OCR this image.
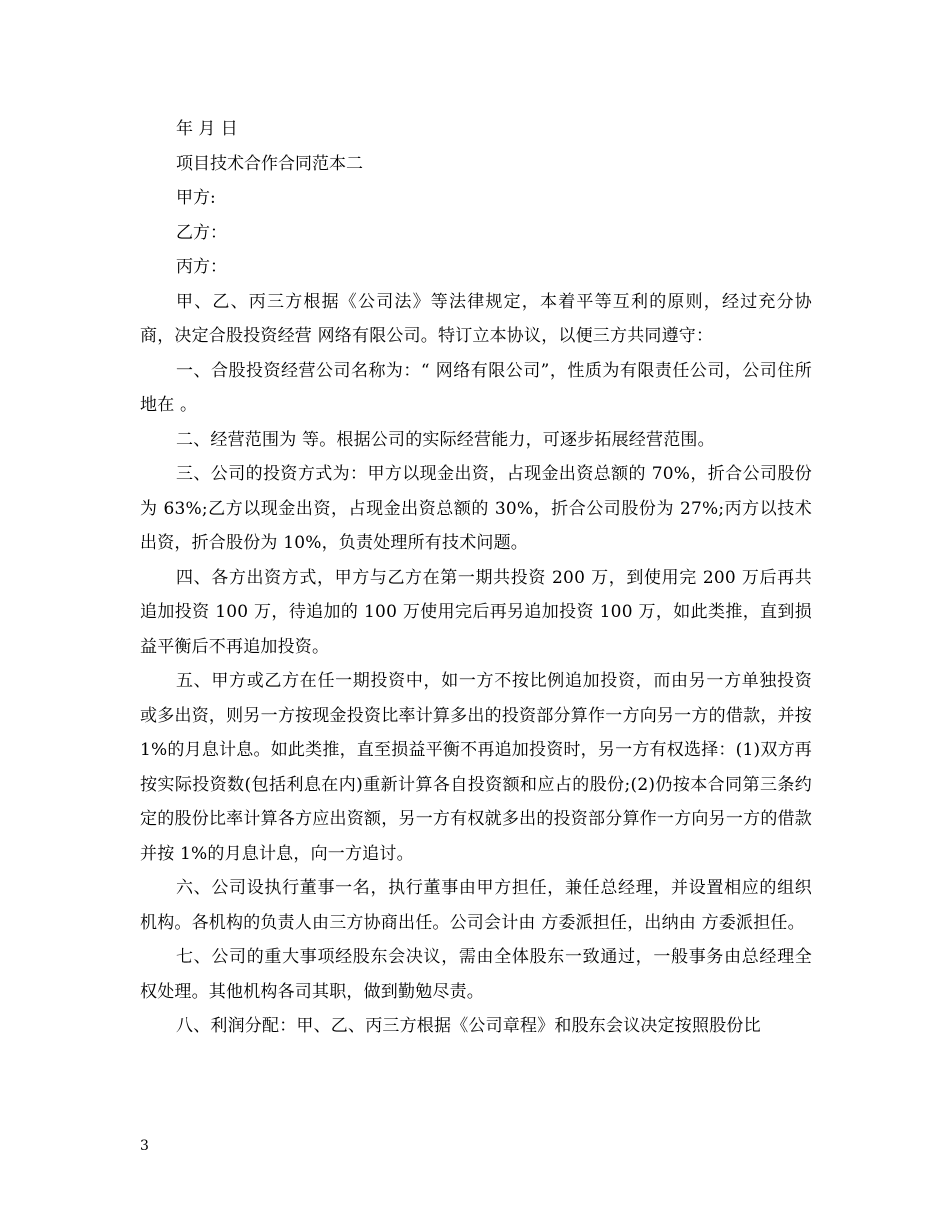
年 月 日

项目技术合作合同范本二

甲方:

乙方：

丙方：

甲、乙、丙三方根据《公司法》等法律规定，本着平等互利的原则，经过充分协商，决定合股投资经营 网络有限公司。特订立本协议，以便三方共同遵守：

一、合股投资经营公司名称为：“ 网络有限公司”，性质为有限责任公司，公司住所地在 。

二、经营范围为 等。根据公司的实际经营能力，可逐步拓展经营范围。

三、公司的投资方式为：甲方以现金出资，占现金出资总额的 70%，折合公司股份为 63%;乙方以现金出资，占现金出资总额的 30%，折合公司股份为 27%;丙方以技术出资，折合股份为 10%，负责处理所有技术问题。

四、各方出资方式，甲方与乙方在第一期共投资 200 万，到使用完 200 万后再共追加投资 100 万，待追加的 100 万使用完后再另追加投资 100 万，如此类推，直到损益平衡后不再追加投资。

五、甲方或乙方在任一期投资中，如一方不按比例追加投资，而由另一方单独投资或多出资，则另一方按现金投资比率计算多出的投资部分算作一方向另一方的借款，并按 1%的月息计息。如此类推，直至损益平衡不再追加投资时，另一方有权选择：(1)双方再按实际投资数(包括利息在内)重新计算各自投资额和应占的股份;(2)仍按本合同第三条约定的股份比率计算各方应出资额，另一方有权就多出的投资部分算作一方向另一方的借款并按 1%的月息计息，向一方追讨。

六、公司设执行董事一名，执行董事由甲方担任，兼任总经理，并设置相应的组织机构。各机构的负责人由三方协商出任。公司会计由 方委派担任，出纳由 方委派担任。

七、公司的重大事项经股东会决议，需由全体股东一致通过，一般事务由总经理全权处理。其他机构各司其职，做到勤勉尽责。

八、利润分配：甲、乙、丙三方根据《公司章程》和股东会议决定按照股份比

3
